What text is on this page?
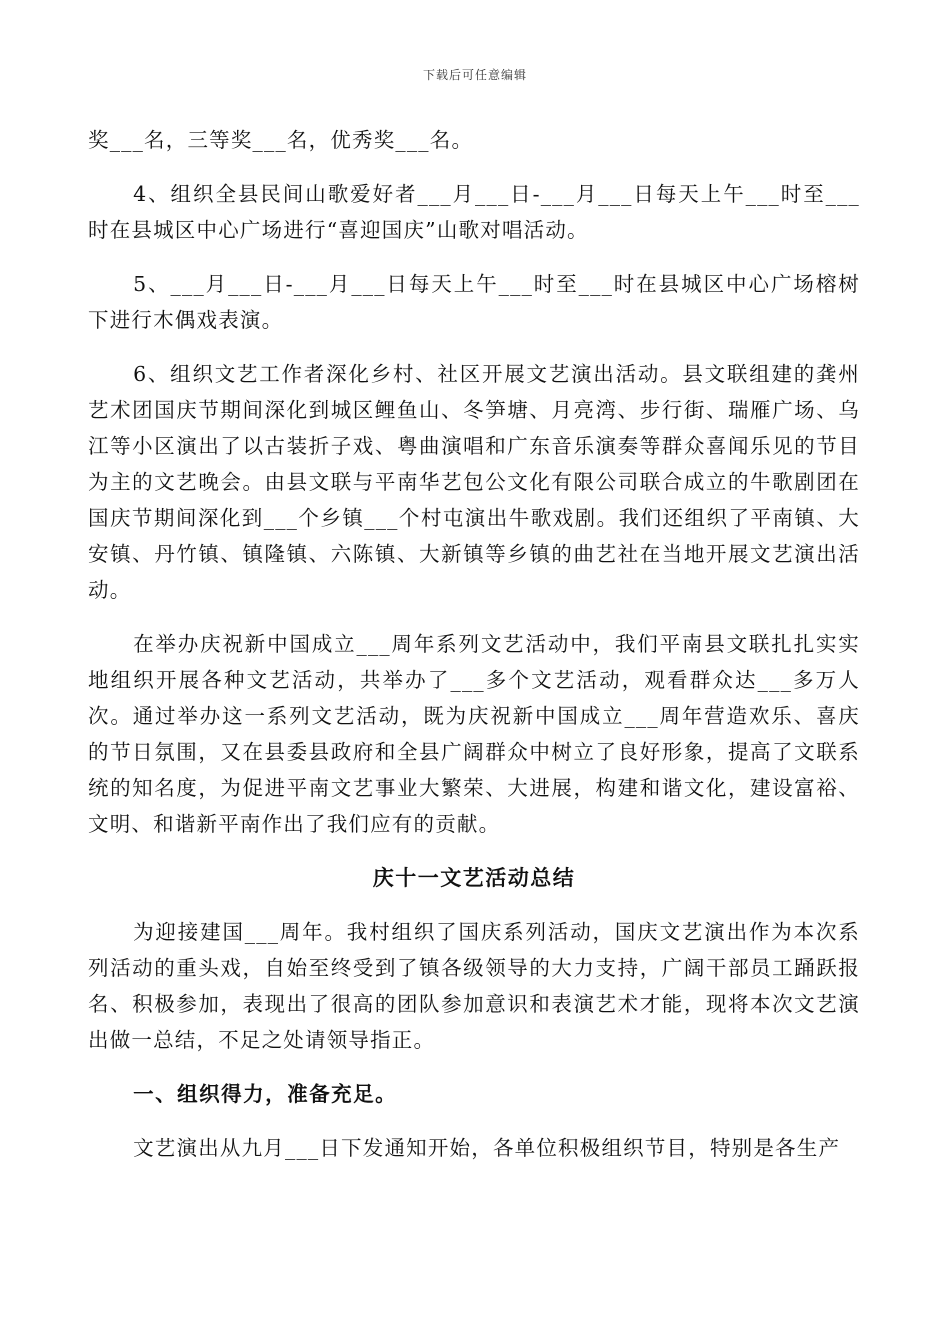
下载后可任意编辑

奖___名，三等奖___名，优秀奖___名。

4、组织全县民间山歌爱好者___月___日-___月___日每天上午___时至___时在县城区中心广场进行“喜迎国庆”山歌对唱活动。

5、___月___日-___月___日每天上午___时至___时在县城区中心广场榕树下进行木偶戏表演。

6、组织文艺工作者深化乡村、社区开展文艺演出活动。县文联组建的龚州艺术团国庆节期间深化到城区鲤鱼山、冬笋塘、月亮湾、步行街、瑞雁广场、乌江等小区演出了以古装折子戏、粤曲演唱和广东音乐演奏等群众喜闻乐见的节目为主的文艺晚会。由县文联与平南华艺包公文化有限公司联合成立的牛歌剧团在国庆节期间深化到___个乡镇___个村屯演出牛歌戏剧。我们还组织了平南镇、大安镇、丹竹镇、镇隆镇、六陈镇、大新镇等乡镇的曲艺社在当地开展文艺演出活动。

在举办庆祝新中国成立___周年系列文艺活动中，我们平南县文联扎扎实实地组织开展各种文艺活动，共举办了___多个文艺活动，观看群众达___多万人次。通过举办这一系列文艺活动，既为庆祝新中国成立___周年营造欢乐、喜庆的节日氛围，又在县委县政府和全县广阔群众中树立了良好形象，提高了文联系统的知名度，为促进平南文艺事业大繁荣、大进展，构建和谐文化，建设富裕、文明、和谐新平南作出了我们应有的贡献。

庆十一文艺活动总结

为迎接建国___周年。我村组织了国庆系列活动，国庆文艺演出作为本次系列活动的重头戏，自始至终受到了镇各级领导的大力支持，广阔干部员工踊跃报名、积极参加，表现出了很高的团队参加意识和表演艺术才能，现将本次文艺演出做一总结，不足之处请领导指正。

一、组织得力，准备充足。

文艺演出从九月___日下发通知开始，各单位积极组织节目，特别是各生产
